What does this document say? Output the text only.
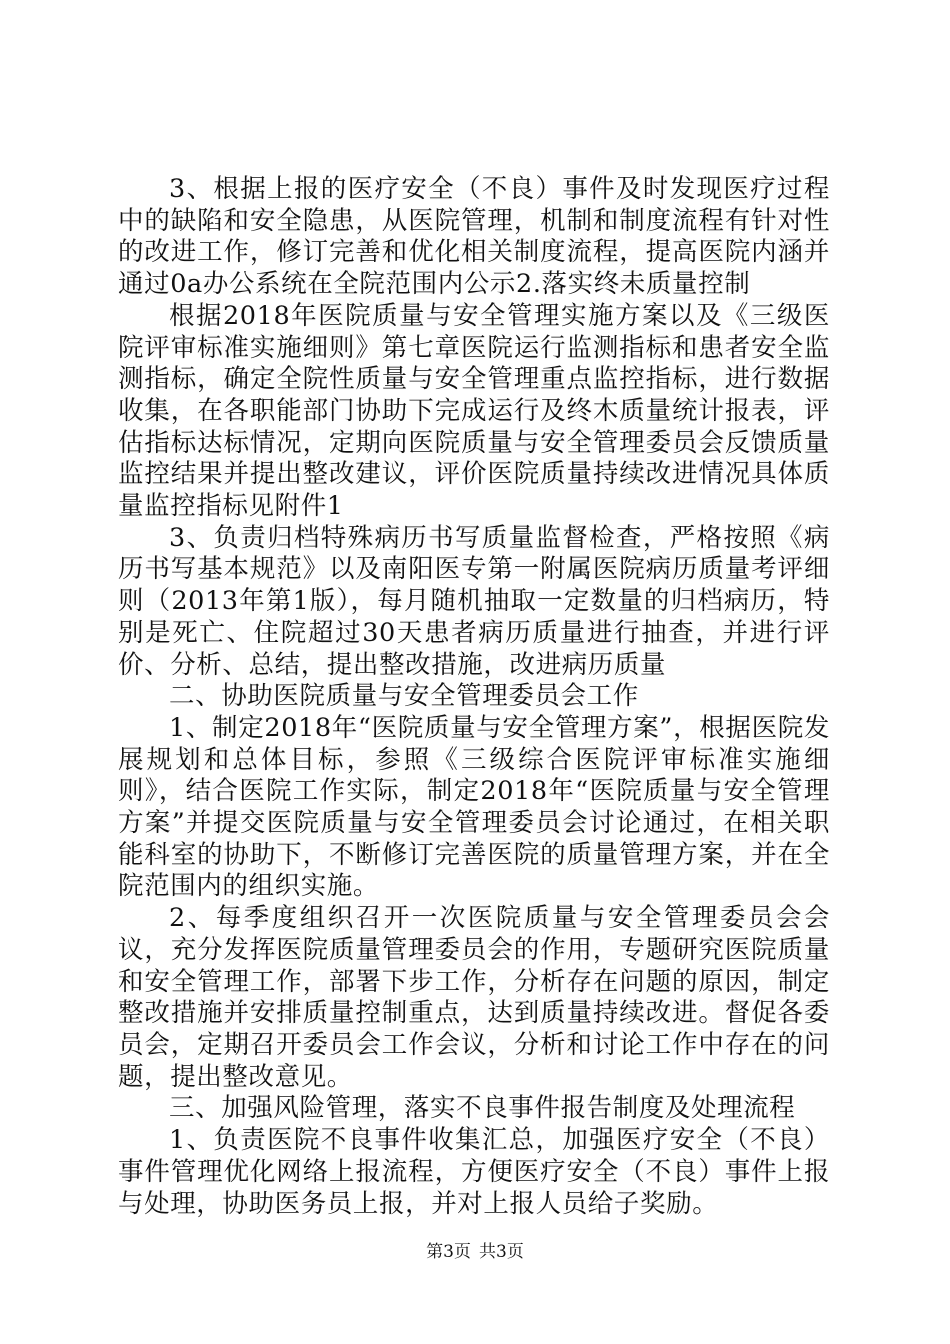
3、根据上报的医疗安全（不良）事件及时发现医疗过程中的缺陷和安全隐患，从医院管理，机制和制度流程有针对性的改进工作，修订完善和优化相关制度流程，提高医院内涵并通过0a办公系统在全院范围内公示2.落实终未质量控制

根据2018年医院质量与安全管理实施方案以及《三级医院评审标准实施细则》第七章医院运行监测指标和患者安全监测指标，确定全院性质量与安全管理重点监控指标，进行数据收集，在各职能部门协助下完成运行及终木质量统计报表，评估指标达标情况，定期向医院质量与安全管理委员会反馈质量监控结果并提出整改建议，评价医院质量持续改进情况具体质量监控指标见附件1

3、负责归档特殊病历书写质量监督检查，严格按照《病历书写基本规范》以及南阳医专第一附属医院病历质量考评细则（2013年第1版），每月随机抽取一定数量的归档病历，特别是死亡、住院超过30天患者病历质量进行抽查，并进行评价、分析、总结，提出整改措施，改进病历质量

二、协助医院质量与安全管理委员会工作

1、制定2018年“医院质量与安全管理方案”，根据医院发展规划和总体目标，参照《三级综合医院评审标准实施细则》，结合医院工作实际，制定2018年“医院质量与安全管理方案”并提交医院质量与安全管理委员会讨论通过，在相关职能科室的协助下，不断修订完善医院的质量管理方案，并在全院范围内的组织实施。

2、每季度组织召开一次医院质量与安全管理委员会会议，充分发挥医院质量管理委员会的作用，专题研究医院质量和安全管理工作，部署下步工作，分析存在问题的原因，制定整改措施并安排质量控制重点，达到质量持续改进。督促各委员会，定期召开委员会工作会议，分析和讨论工作中存在的问题，提出整改意见。

三、加强风险管理，落实不良事件报告制度及处理流程

1、负责医院不良事件收集汇总，加强医疗安全（不良）事件管理优化网络上报流程，方便医疗安全（不良）事件上报与处理，协助医务员上报，并对上报人员给子奖励。

第3页 共3页
